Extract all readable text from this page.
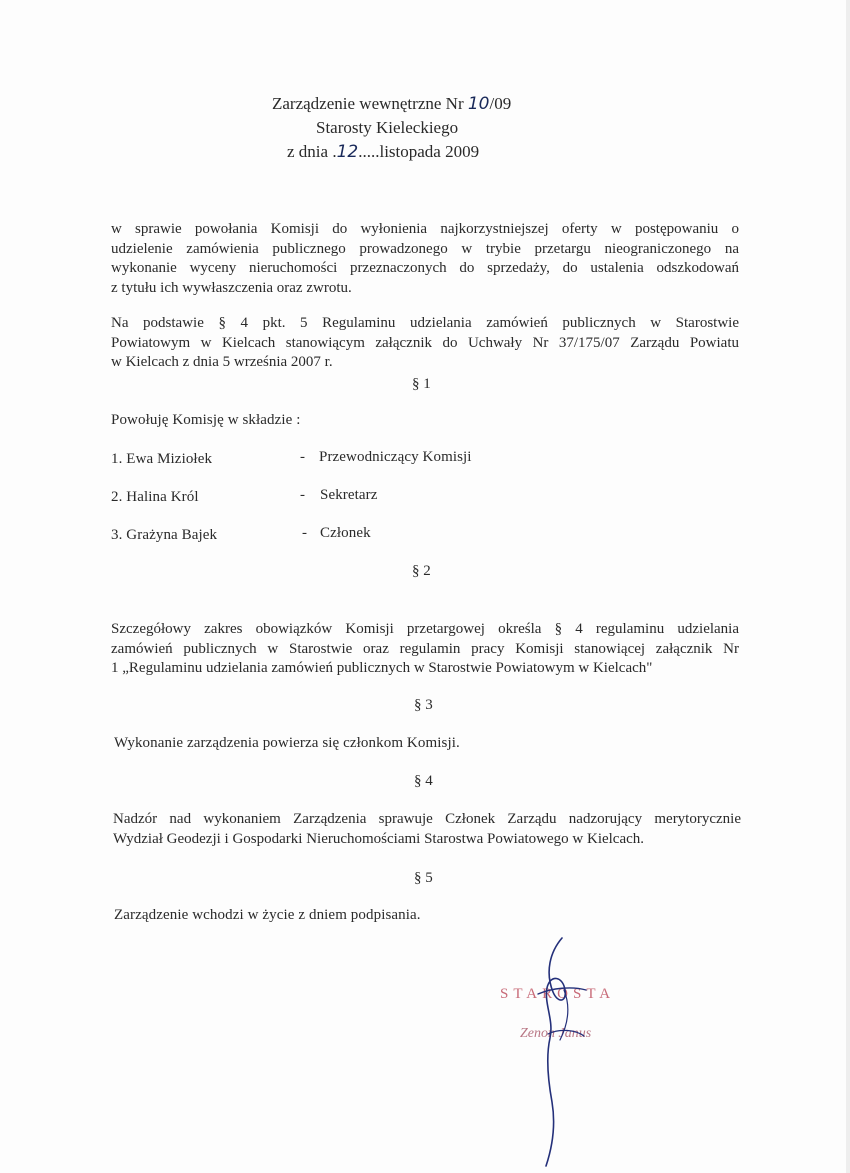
Zarządzenie wewnętrzne Nr 10/09
Starosty Kieleckiego
z dnia .12.....listopada 2009
w sprawie powołania Komisji do wyłonienia najkorzystniejszej oferty w postępowaniu o
udzielenie zamówienia publicznego prowadzonego w trybie przetargu nieograniczonego na
wykonanie wyceny nieruchomości przeznaczonych do sprzedaży, do ustalenia odszkodowań
z tytułu ich wywłaszczenia oraz zwrotu.
Na podstawie § 4 pkt. 5 Regulaminu udzielania zamówień publicznych w Starostwie
Powiatowym w Kielcach stanowiącym załącznik do Uchwały Nr 37/175/07 Zarządu Powiatu
w Kielcach z dnia 5 września 2007 r.
§ 1
Powołuję Komisję w składzie :
1. Ewa Miziołek	- Przewodniczący Komisji
2. Halina Król	- Sekretarz
3. Grażyna Bajek	- Członek
§ 2
Szczegółowy zakres obowiązków Komisji przetargowej określa § 4 regulaminu udzielania
zamówień publicznych w Starostwie oraz regulamin pracy Komisji stanowiącej załącznik Nr
1 „Regulaminu udzielania zamówień publicznych w Starostwie Powiatowym w Kielcach"
§ 3
Wykonanie zarządzenia powierza się członkom Komisji.
§ 4
Nadzór nad wykonaniem Zarządzenia sprawuje Członek Zarządu nadzorujący merytorycznie
Wydział Geodezji i Gospodarki Nieruchomościami Starostwa Powiatowego w Kielcach.
§ 5
Zarządzenie wchodzi w życie z dniem podpisania.
STAROSTA
Zenon Janus
